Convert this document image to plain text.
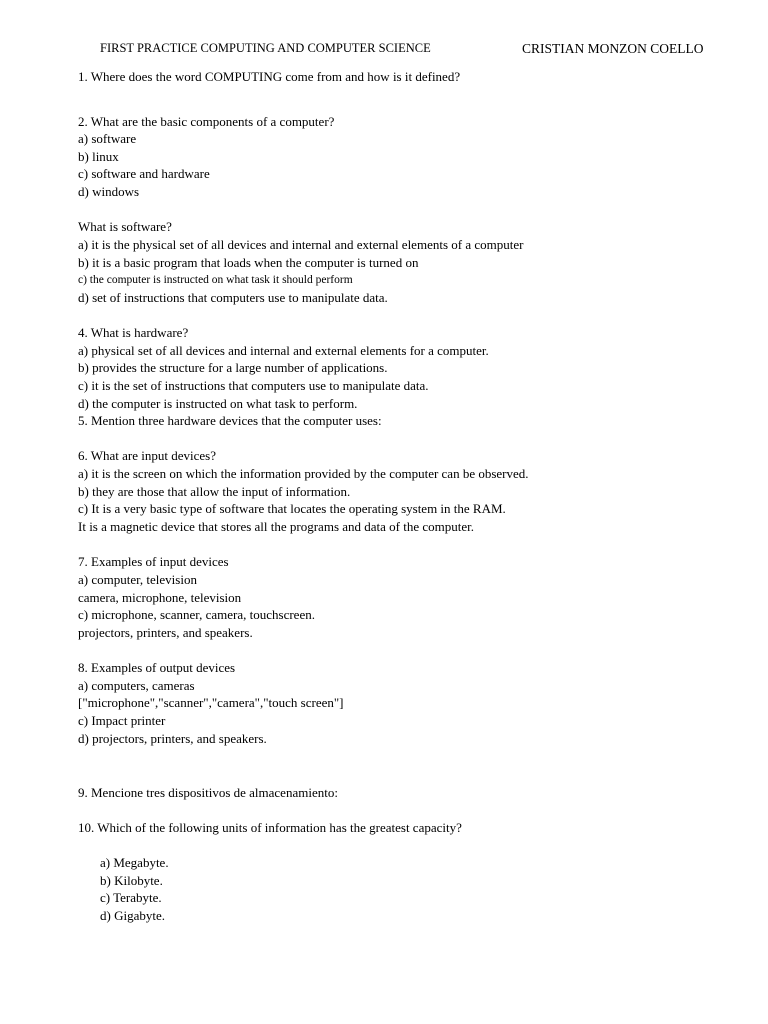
FIRST PRACTICE COMPUTING AND COMPUTER SCIENCE	CRISTIAN MONZON COELLO
1. Where does the word COMPUTING come from and how is it defined?
2. What are the basic components of a computer?
a) software
b) linux
c) software and hardware
d) windows
What is software?
a) it is the physical set of all devices and internal and external elements of a computer
b) it is a basic program that loads when the computer is turned on
c) the computer is instructed on what task it should perform
d) set of instructions that computers use to manipulate data.
4. What is hardware?
a) physical set of all devices and internal and external elements for a computer.
b) provides the structure for a large number of applications.
c) it is the set of instructions that computers use to manipulate data.
d) the computer is instructed on what task to perform.
5. Mention three hardware devices that the computer uses:
6. What are input devices?
a) it is the screen on which the information provided by the computer can be observed.
b) they are those that allow the input of information.
c) It is a very basic type of software that locates the operating system in the RAM.
It is a magnetic device that stores all the programs and data of the computer.
7. Examples of input devices
a) computer, television
camera, microphone, television
c) microphone, scanner, camera, touchscreen.
projectors, printers, and speakers.
8. Examples of output devices
a) computers, cameras
["microphone","scanner","camera","touch screen"]
c) Impact printer
d) projectors, printers, and speakers.
9. Mencione tres dispositivos de almacenamiento:
10. Which of the following units of information has the greatest capacity?
a) Megabyte.
b) Kilobyte.
c) Terabyte.
d) Gigabyte.
